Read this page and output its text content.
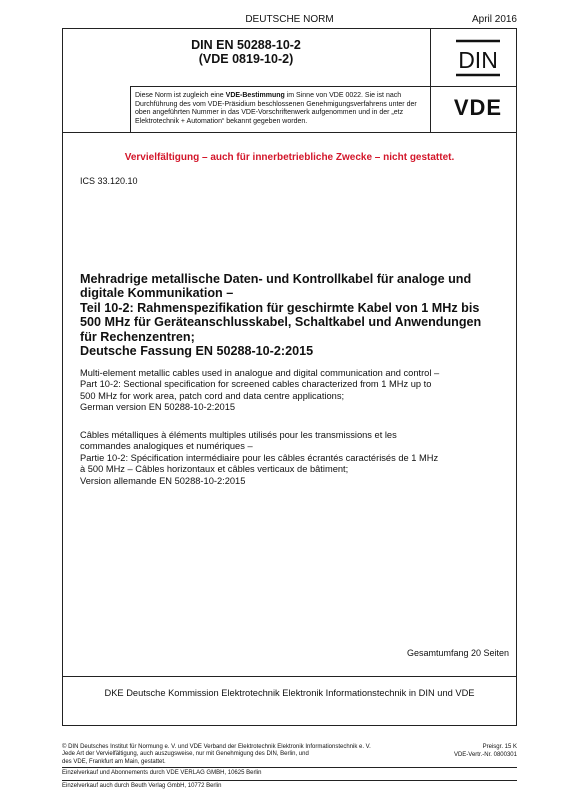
DEUTSCHE NORM	April 2016
DIN EN 50288-10-2
(VDE 0819-10-2)	DIN
Diese Norm ist zugleich eine VDE-Bestimmung im Sinne von VDE 0022. Sie ist nach Durchführung des vom VDE-Präsidium beschlossenen Genehmigungsverfahrens unter der oben angeführten Nummer in das VDE-Vorschriftenwerk aufgenommen und in der „etz Elektrotechnik + Automation“ bekannt gegeben worden.
VDE
Vervielfältigung – auch für innerbetriebliche Zwecke – nicht gestattet.
ICS 33.120.10
Mehradrige metallische Daten- und Kontrollkabel für analoge und
digitale Kommunikation –
Teil 10-2: Rahmenspezifikation für geschirmte Kabel von 1 MHz bis
500 MHz für Geräteanschlusskabel, Schaltkabel und Anwendungen
für Rechenzentren;
Deutsche Fassung EN 50288-10-2:2015
Multi-element metallic cables used in analogue and digital communication and control –
Part 10-2: Sectional specification for screened cables characterized from 1 MHz up to
500 MHz for work area, patch cord and data centre applications;
German version EN 50288-10-2:2015
Câbles métalliques à éléments multiples utilisés pour les transmissions et les
commandes analogiques et numériques –
Partie 10-2: Spécification intermédiaire pour les câbles écrantés caractérisés de 1 MHz
à 500 MHz – Câbles horizontaux et câbles verticaux de bâtiment;
Version allemande EN 50288-10-2:2015
Gesamtumfang 20 Seiten
DKE Deutsche Kommission Elektrotechnik Elektronik Informationstechnik in DIN und VDE
© DIN Deutsches Institut für Normung e. V. und VDE Verband der Elektrotechnik Elektronik Informationstechnik e. V.
Jede Art der Vervielfältigung, auch auszugsweise, nur mit Genehmigung des DIN, Berlin, und
des VDE, Frankfurt am Main, gestattet.
Preisgr. 15 K
VDE-Vertr.-Nr. 0800301
Einzelverkauf und Abonnements durch VDE VERLAG GMBH, 10625 Berlin
Einzelverkauf auch durch Beuth Verlag GmbH, 10772 Berlin
